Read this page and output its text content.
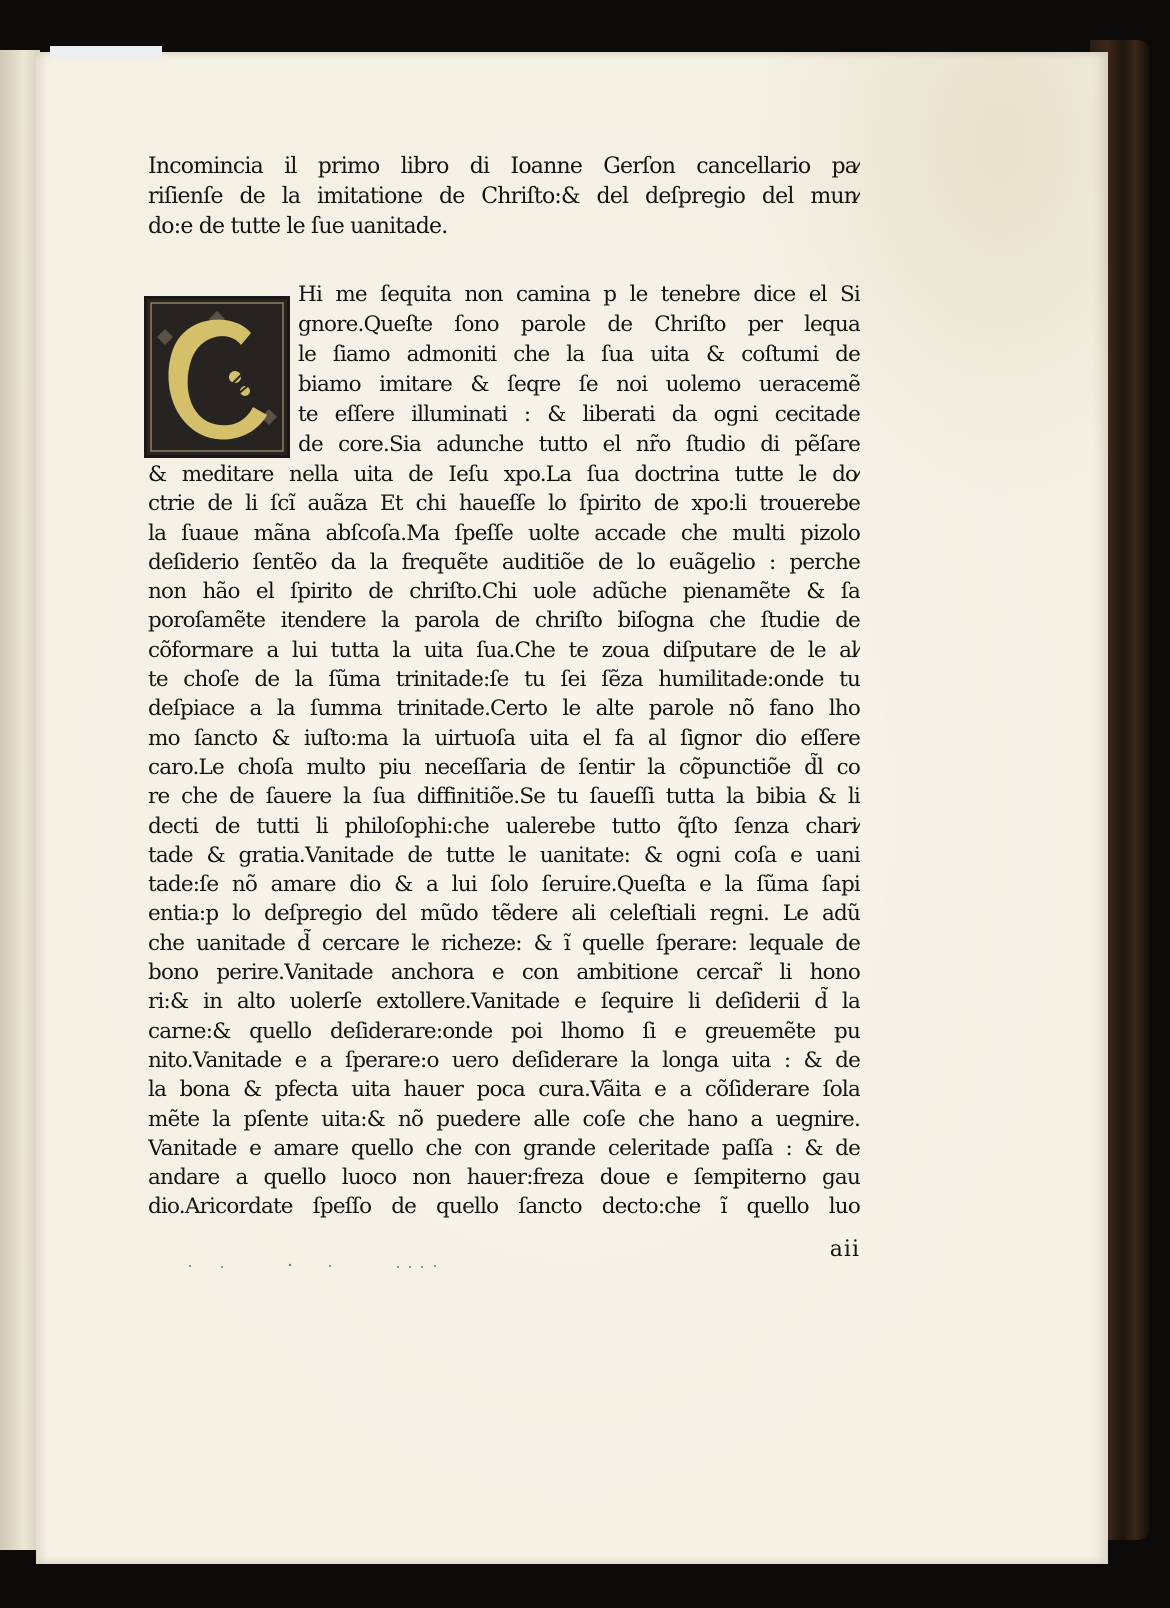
Incomincia il primo libro di Ioanne Gerſon cancellario pa⁄
riſienſe de la imitatione de Chriſto:& del deſpregio del mun⁄
do:e de tutte le ſue uanitade.
Hi me ſequita non camina p le tenebre dice el Si
gnore.Queſte ſono parole de Chriſto per lequa
le ſiamo admoniti che la ſua uita & coſtumi de
biamo imitare & ſeqre ſe noi uolemo ueracemẽ
te eſſere illuminati : & liberati da ogni cecitade
de core.Sia adunche tutto el nr̃o ſtudio di pẽſare
& meditare nella uita de Ieſu xpo.La ſua doctrina tutte le do⁄
ctrie de li ſcĩ auãza Et chi haueſſe lo ſpirito de xpo:li trouerebe
la ſuaue mãna abſcoſa.Ma ſpeſſe uolte accade che multi pizolo
deſiderio ſentẽo da la frequẽte auditiõe de lo euãgelio : perche
non hão el ſpirito de chriſto.Chi uole adũche pienamẽte & ſa
poroſamẽte itendere la parola de chriſto biſogna che ſtudie de
cõformare a lui tutta la uita ſua.Che te zoua diſputare de le al⁄
te choſe de la ſũma trinitade:ſe tu ſei ſẽza humilitade:onde tu
deſpiace a la ſumma trinitade.Certo le alte parole nõ fano lho
mo ſancto & iuſto:ma la uirtuoſa uita el fa al ſignor dio eſſere
caro.Le choſa multo piu neceſſaria de ſentir la cõpunctiõe d̃l co
re che de ſauere la ſua diffinitiõe.Se tu ſaueſſi tutta la bibia & li
decti de tutti li philoſophi:che ualerebe tutto q̃ſto ſenza chari⁄
tade & gratia.Vanitade de tutte le uanitate: & ogni coſa e uani
tade:ſe nõ amare dio & a lui ſolo ſeruire.Queſta e la ſũma ſapi
entia:p lo deſpregio del mũdo tẽdere ali celeſtiali regni. Le adũ
che uanitade d̃ cercare le richeze: & ĩ quelle ſperare: lequale de
bono perire.Vanitade anchora e con ambitione cercar̃ li hono
ri:& in alto uolerſe extollere.Vanitade e ſequire li deſiderii d̃ la
carne:& quello deſiderare:onde poi lhomo ſi e greuemẽte pu
nito.Vanitade e a ſperare:o uero deſiderare la longa uita : & de
la bona & pfecta uita hauer poca cura.Vãita e a cõſiderare ſola
mẽte la pſente uita:& nõ puedere alle coſe che hano a uegnire.
Vanitade e amare quello che con grande celeritade paſſa : & de
andare a quello luoco non hauer:freza doue e ſempiterno gau
dio.Aricordate ſpeſſo de quello ſancto decto:che ĩ quello luo
aii
